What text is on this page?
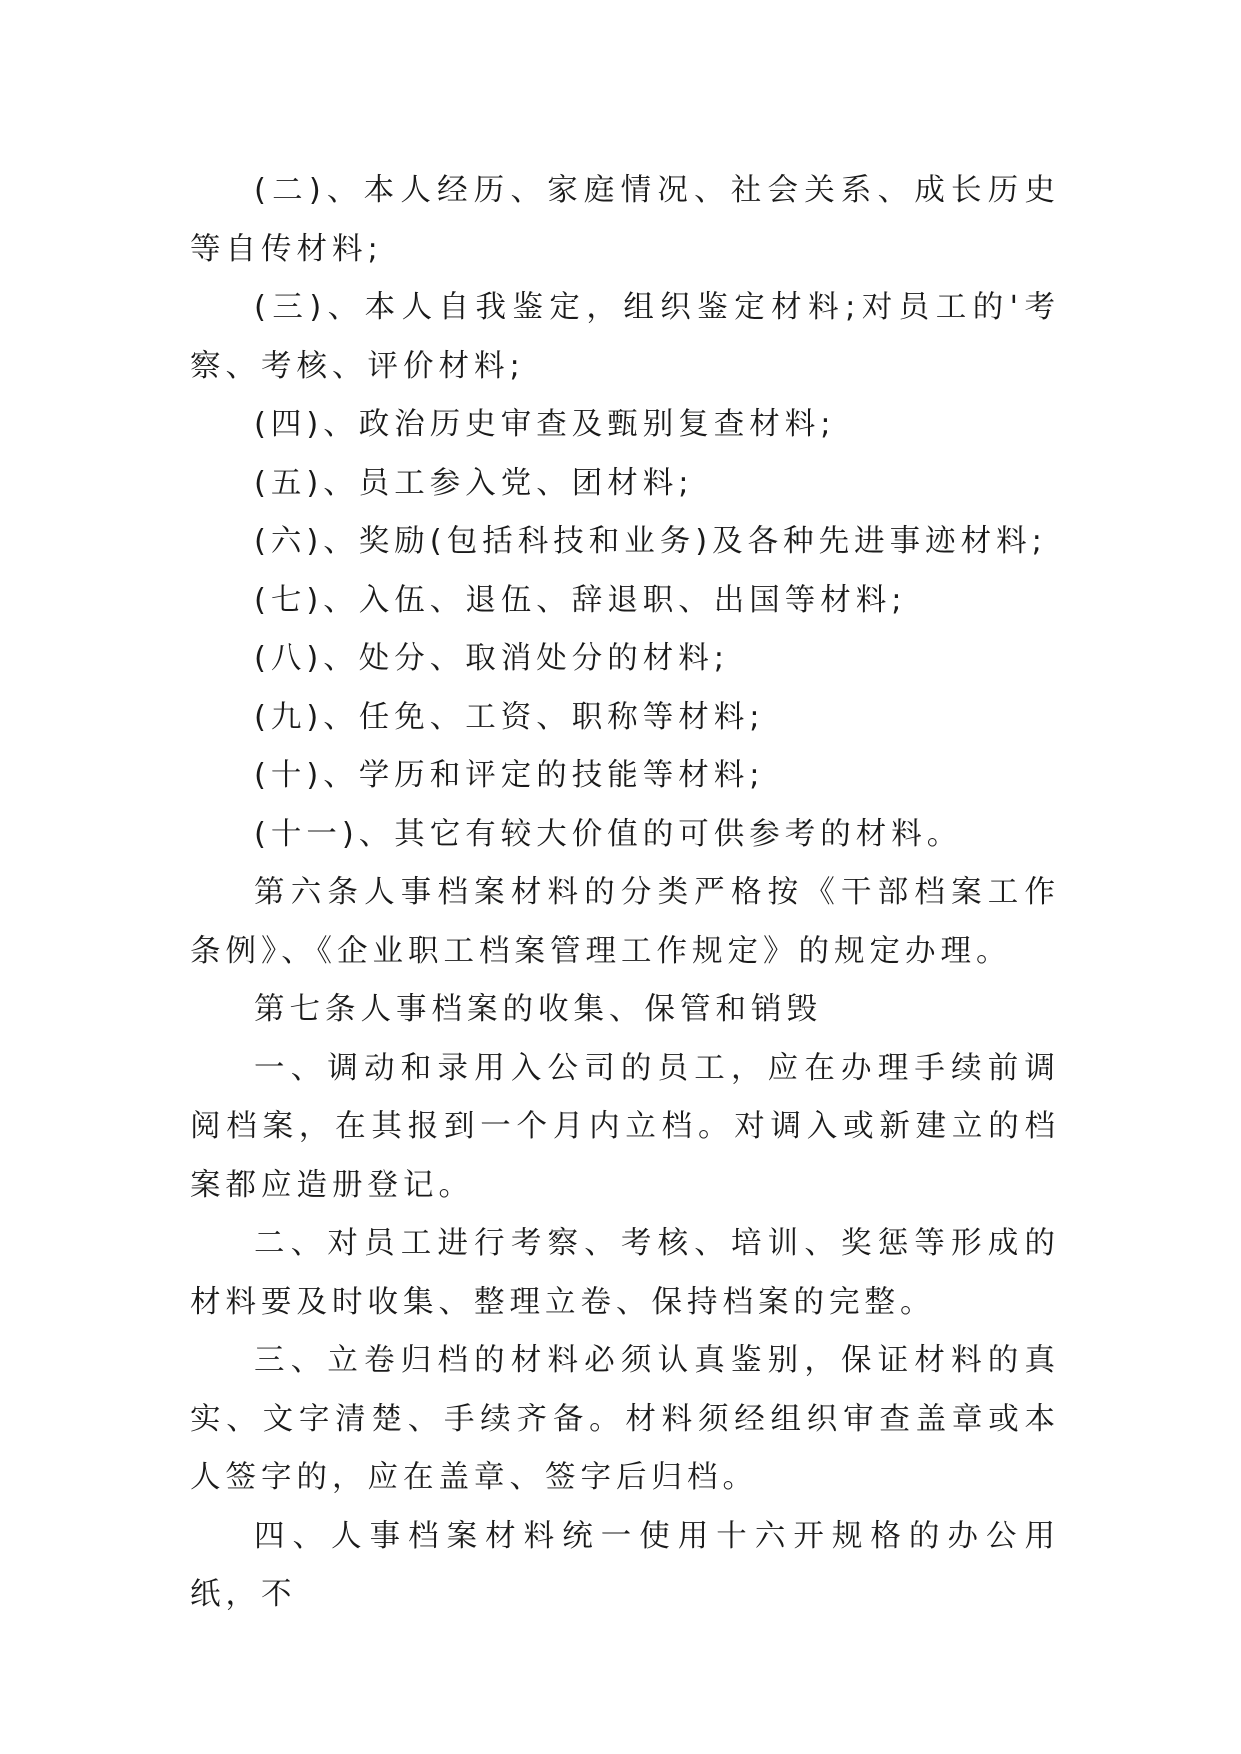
(二)、本人经历、家庭情况、社会关系、成长历史等自传材料;

(三)、本人自我鉴定，组织鉴定材料;对员工的'考察、考核、评价材料;

(四)、政治历史审查及甄别复查材料;

(五)、员工参入党、团材料;

(六)、奖励(包括科技和业务)及各种先进事迹材料;

(七)、入伍、退伍、辞退职、出国等材料;

(八)、处分、取消处分的材料;

(九)、任免、工资、职称等材料;

(十)、学历和评定的技能等材料;

(十一)、其它有较大价值的可供参考的材料。

第六条人事档案材料的分类严格按《干部档案工作条例》、《企业职工档案管理工作规定》的规定办理。

第七条人事档案的收集、保管和销毁

一、调动和录用入公司的员工，应在办理手续前调阅档案，在其报到一个月内立档。对调入或新建立的档案都应造册登记。

二、对员工进行考察、考核、培训、奖惩等形成的材料要及时收集、整理立卷、保持档案的完整。

三、立卷归档的材料必须认真鉴别，保证材料的真实、文字清楚、手续齐备。材料须经组织审查盖章或本人签字的，应在盖章、签字后归档。

四、人事档案材料统一使用十六开规格的办公用纸，不
